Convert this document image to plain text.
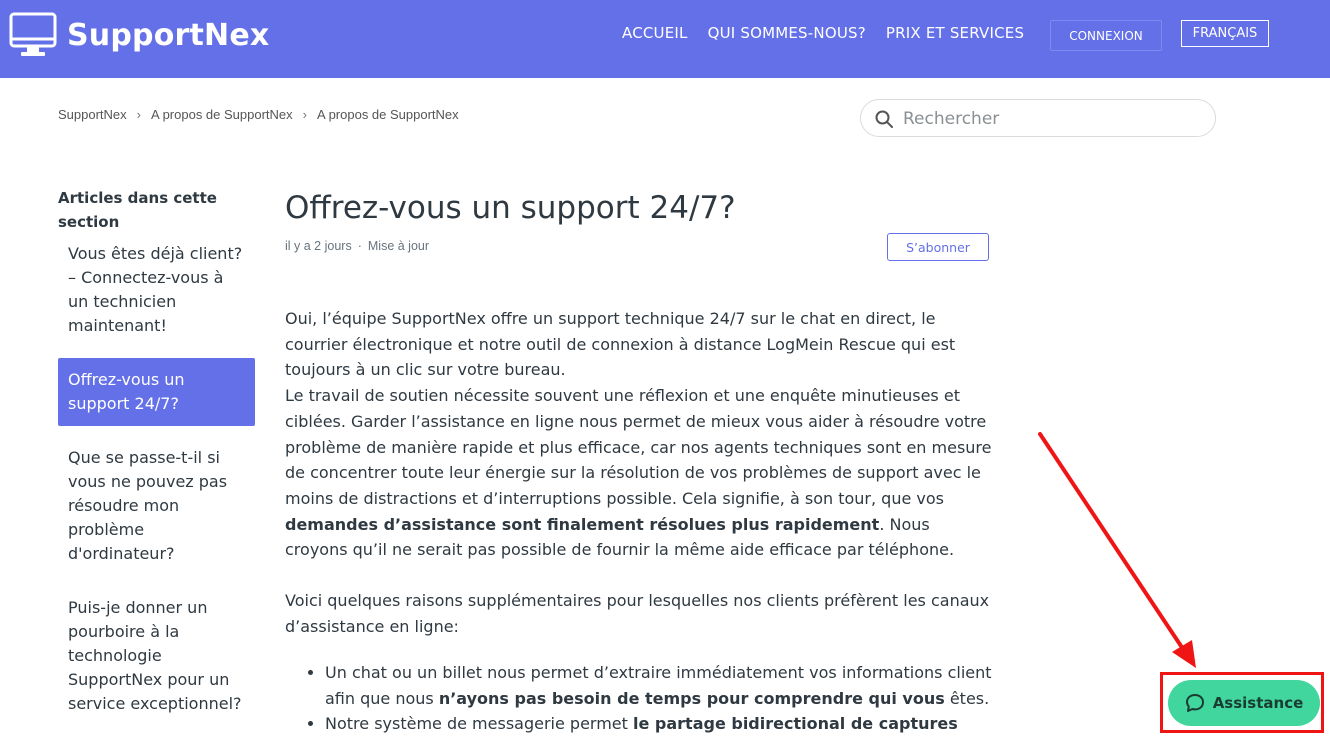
SupportNex	ACCUEIL QUI SOMMES-NOUS? PRIX ET SERVICES	CONNEXION	FRANÇAIS
SupportNex › A propos de SupportNex › A propos de SupportNex
Rechercher
Articles dans cette section
Vous êtes déjà client? – Connectez-vous à un technicien maintenant!
Offrez-vous un support 24/7?
Que se passe-t-il si vous ne pouvez pas résoudre mon problème d'ordinateur?
Puis-je donner un pourboire à la technologie SupportNex pour un service exceptionnel?
Offrez-vous un support 24/7?
il y a 2 jours · Mise à jour	S’abonner
Oui, l’équipe SupportNex offre un support technique 24/7 sur le chat en direct, le courrier électronique et notre outil de connexion à distance LogMein Rescue qui est toujours à un clic sur votre bureau.
Le travail de soutien nécessite souvent une réflexion et une enquête minutieuses et ciblées. Garder l’assistance en ligne nous permet de mieux vous aider à résoudre votre problème de manière rapide et plus efficace, car nos agents techniques sont en mesure de concentrer toute leur énergie sur la résolution de vos problèmes de support avec le moins de distractions et d’interruptions possible. Cela signifie, à son tour, que vos demandes d’assistance sont finalement résolues plus rapidement. Nous croyons qu’il ne serait pas possible de fournir la même aide efficace par téléphone.
Voici quelques raisons supplémentaires pour lesquelles nos clients préfèrent les canaux d’assistance en ligne:
• Un chat ou un billet nous permet d’extraire immédiatement vos informations client afin que nous n’ayons pas besoin de temps pour comprendre qui vous êtes.
• Notre système de messagerie permet le partage bidirectional de captures
Assistance
